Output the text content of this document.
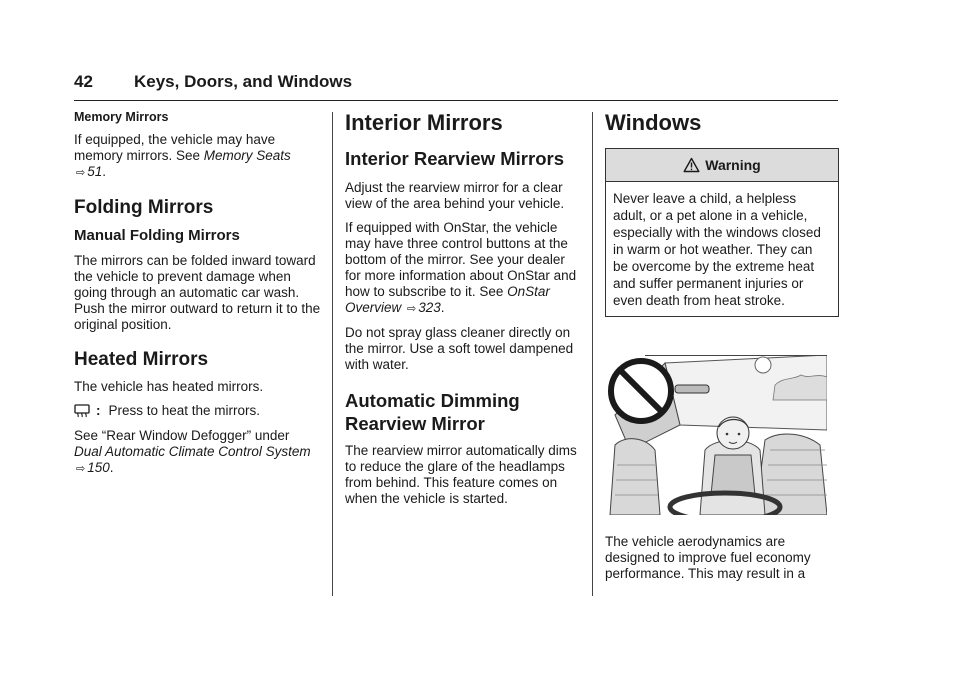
42 Keys, Doors, and Windows
Memory Mirrors

If equipped, the vehicle may have memory mirrors. See Memory Seats
⇨ 51.

Folding Mirrors
Manual Folding Mirrors

The mirrors can be folded inward toward the vehicle to prevent damage when going through an automatic car wash. Push the mirror outward to return it to the original position.

Heated Mirrors

The vehicle has heated mirrors.

: Press to heat the mirrors.

See “Rear Window Defogger” under
Dual Automatic Climate Control System ⇨ 150.

Interior Mirrors
Interior Rearview Mirrors

Adjust the rearview mirror for a clear view of the area behind your vehicle.

If equipped with OnStar, the vehicle may have three control buttons at the bottom of the mirror. See your dealer for more information about OnStar and how to subscribe to it. See OnStar Overview ⇨ 323.

Do not spray glass cleaner directly on the mirror. Use a soft towel dampened with water.

Automatic Dimming Rearview Mirror

The rearview mirror automatically dims to reduce the glare of the headlamps from behind. This feature comes on when the vehicle is started.

Windows
Warning
Never leave a child, a helpless adult, or a pet alone in a vehicle, especially with the windows closed in warm or hot weather. They can be overcome by the extreme heat and suffer permanent injuries or even death from heat stroke.

The vehicle aerodynamics are designed to improve fuel economy performance. This may result in a
